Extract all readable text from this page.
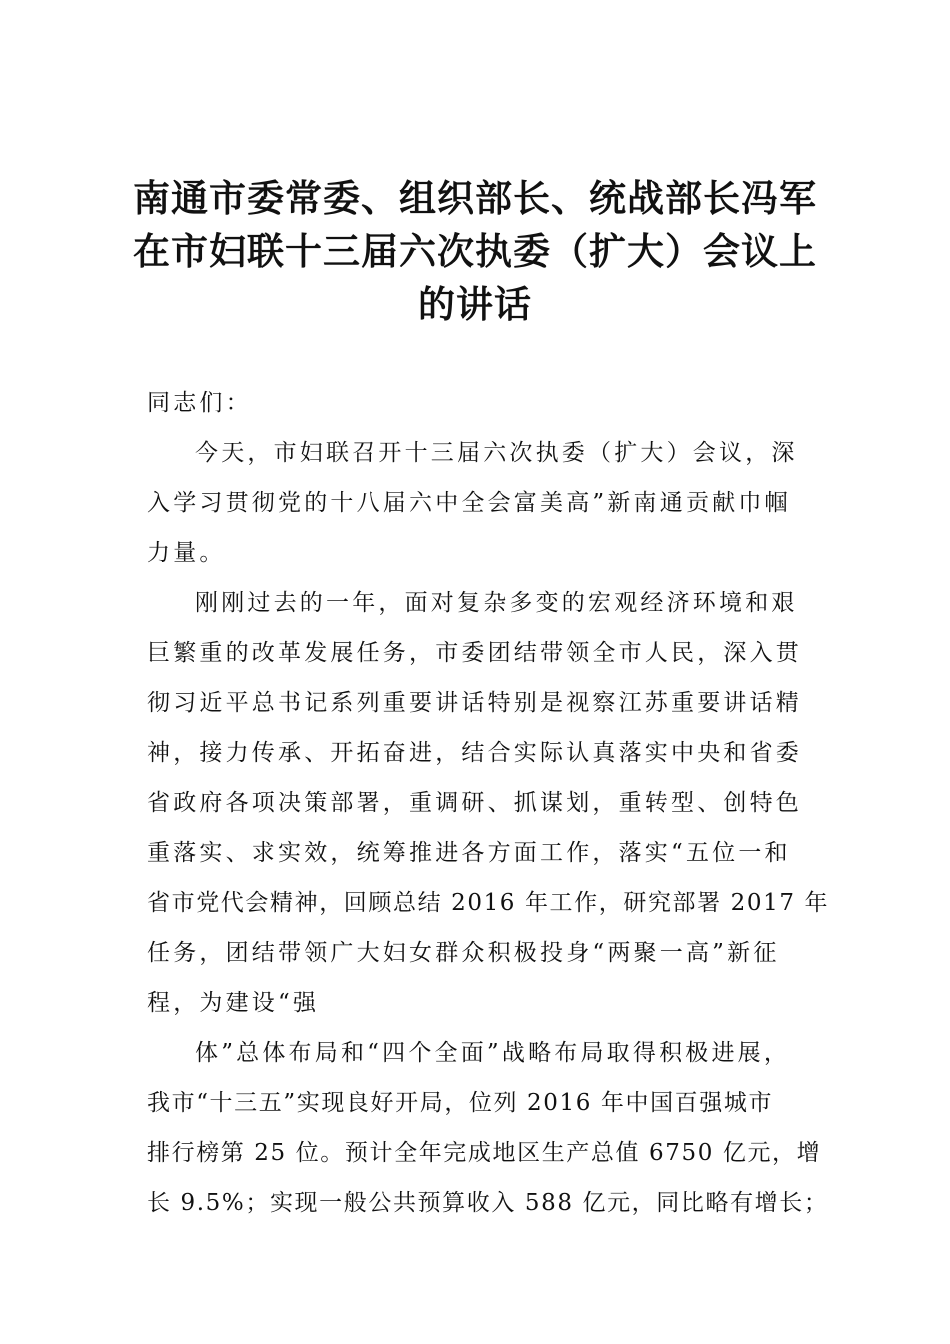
南通市委常委、组织部长、统战部长冯军
在市妇联十三届六次执委（扩大）会议上
的讲话
同志们：
今天，市妇联召开十三届六次执委（扩大）会议，深
入学习贯彻党的十八届六中全会富美高”新南通贡献巾帼
力量。
刚刚过去的一年，面对复杂多变的宏观经济环境和艰
巨繁重的改革发展任务，市委团结带领全市人民，深入贯
彻习近平总书记系列重要讲话特别是视察江苏重要讲话精
神，接力传承、开拓奋进，结合实际认真落实中央和省委
省政府各项决策部署，重调研、抓谋划，重转型、创特色
重落实、求实效，统筹推进各方面工作，落实“五位一和
省市党代会精神，回顾总结 2016 年工作，研究部署 2017 年
任务，团结带领广大妇女群众积极投身“两聚一高”新征
程，为建设“强
体”总体布局和“四个全面”战略布局取得积极进展，
我市“十三五”实现良好开局，位列 2016 年中国百强城市
排行榜第 25 位。预计全年完成地区生产总值 6750 亿元，增
长 9.5%；实现一般公共预算收入 588 亿元，同比略有增长；
